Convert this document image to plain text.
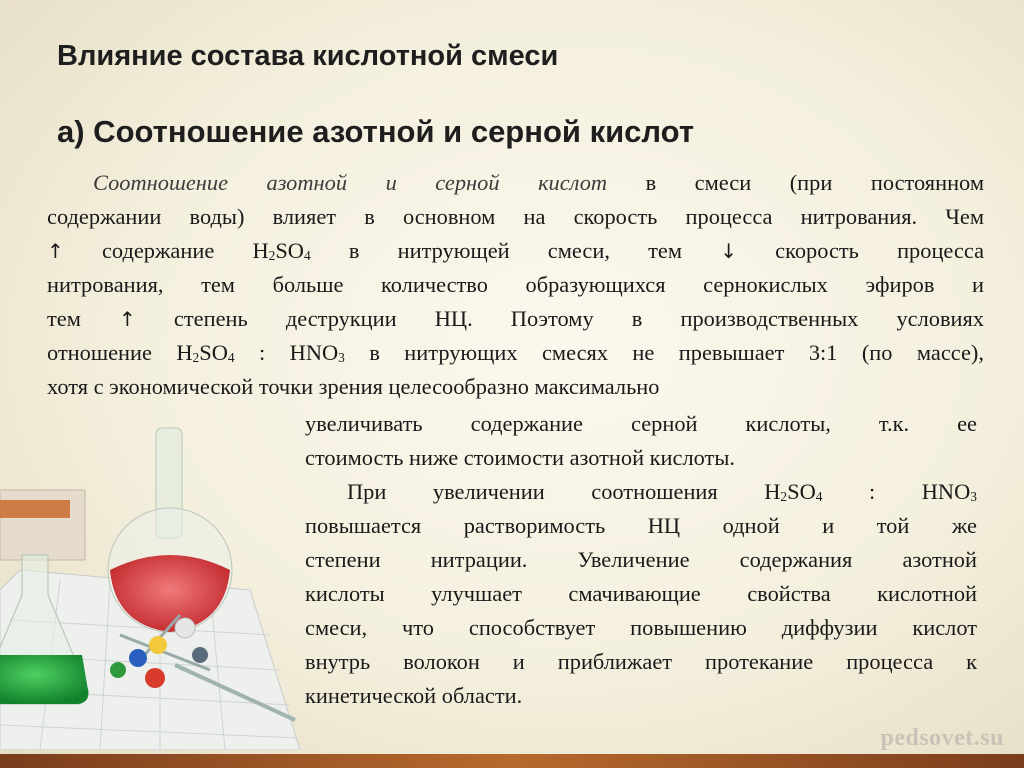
Влияние состава кислотной смеси
а) Соотношение азотной и серной кислот
Соотношение азотной и серной кислот в смеси (при постоянном
содержании воды) влияет в основном на скорость процесса нитрования. Чем
↑ содержание $H_2SO_4$ в нитрующей смеси, тем ↓ скорость процесса
нитрования, тем больше количество образующихся сернокислых эфиров и
тем ↑ степень деструкции НЦ. Поэтому в производственных условиях
отношение $H_2SO_4$ : $HNO_3$ в нитрующих смесях не превышает 3:1 (по массе),
хотя с экономической точки зрения целесообразно максимально
увеличивать содержание серной кислоты, т.к. ее
стоимость ниже стоимости азотной кислоты.
При увеличении соотношения $H_2SO_4$ : $HNO_3$
повышается растворимость НЦ одной и той же
степени нитрации. Увеличение содержания азотной
кислоты улучшает смачивающие свойства кислотной
смеси, что способствует повышению диффузии кислот
внутрь волокон и приближает протекание процесса к
кинетической области.
pedsovet.su
